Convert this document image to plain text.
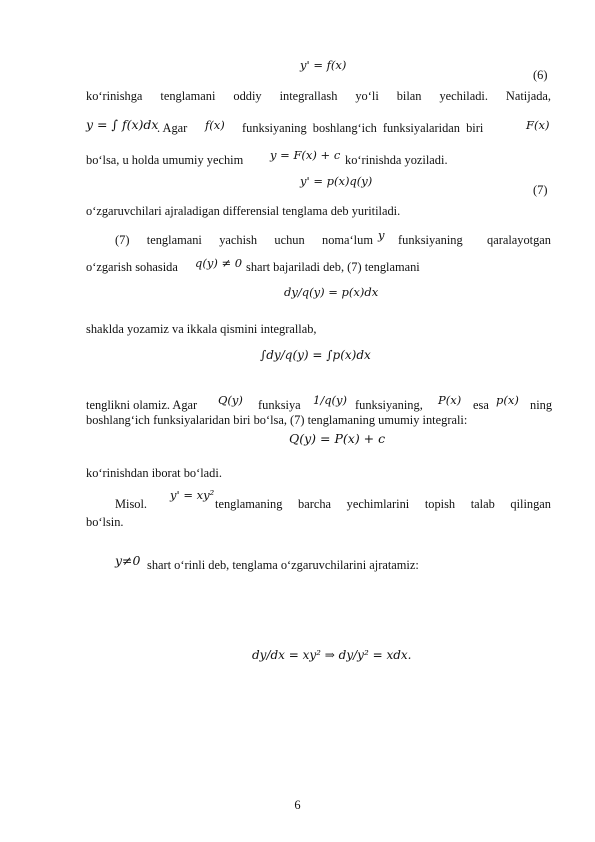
y' = f(x)
(6)
ko‘rinishga tenglamani oddiy integrallash yo‘li bilan yechiladi. Natijada,
y = ∫ f(x)dx
. Agar f(x) funksiyaning boshlang‘ich funksiyalaridan biri	F(x)
bo‘lsa, u holda umumiy yechim y = F(x) + c ko‘rinishda yoziladi.
y' = p(x)q(y)
(7)
o‘zgaruvchilari ajraladigan differensial tenglama deb yuritiladi.
(7) tenglamani yachish uchun noma‘lum y funksiyaning qaralayotgan
o‘zgarish sohasida q(y) ≠ 0 shart bajariladi deb, (7) tenglamani
dy/q(y) = p(x)dx
shaklda yozamiz va ikkala qismini integrallab,
∫dy/q(y) = ∫p(x)dx
tenglikni olamiz. Agar Q(y) funksiya 1/q(y) funksiyaning, P(x) esa p(x) ning
boshlang‘ich funksiyalaridan biri bo‘lsa, (7) tenglamaning umumiy integrali:
Q(y) = P(x) + c
ko‘rinishdan iborat bo‘ladi.
Misol.
y' = xy²
tenglamaning barcha yechimlarini topish talab qilingan
bo‘lsin.
y≠0 shart o‘rinli deb, tenglama o‘zgaruvchilarini ajratamiz:
dy/dx = xy² ⇒ dy/y² = xdx.
6
